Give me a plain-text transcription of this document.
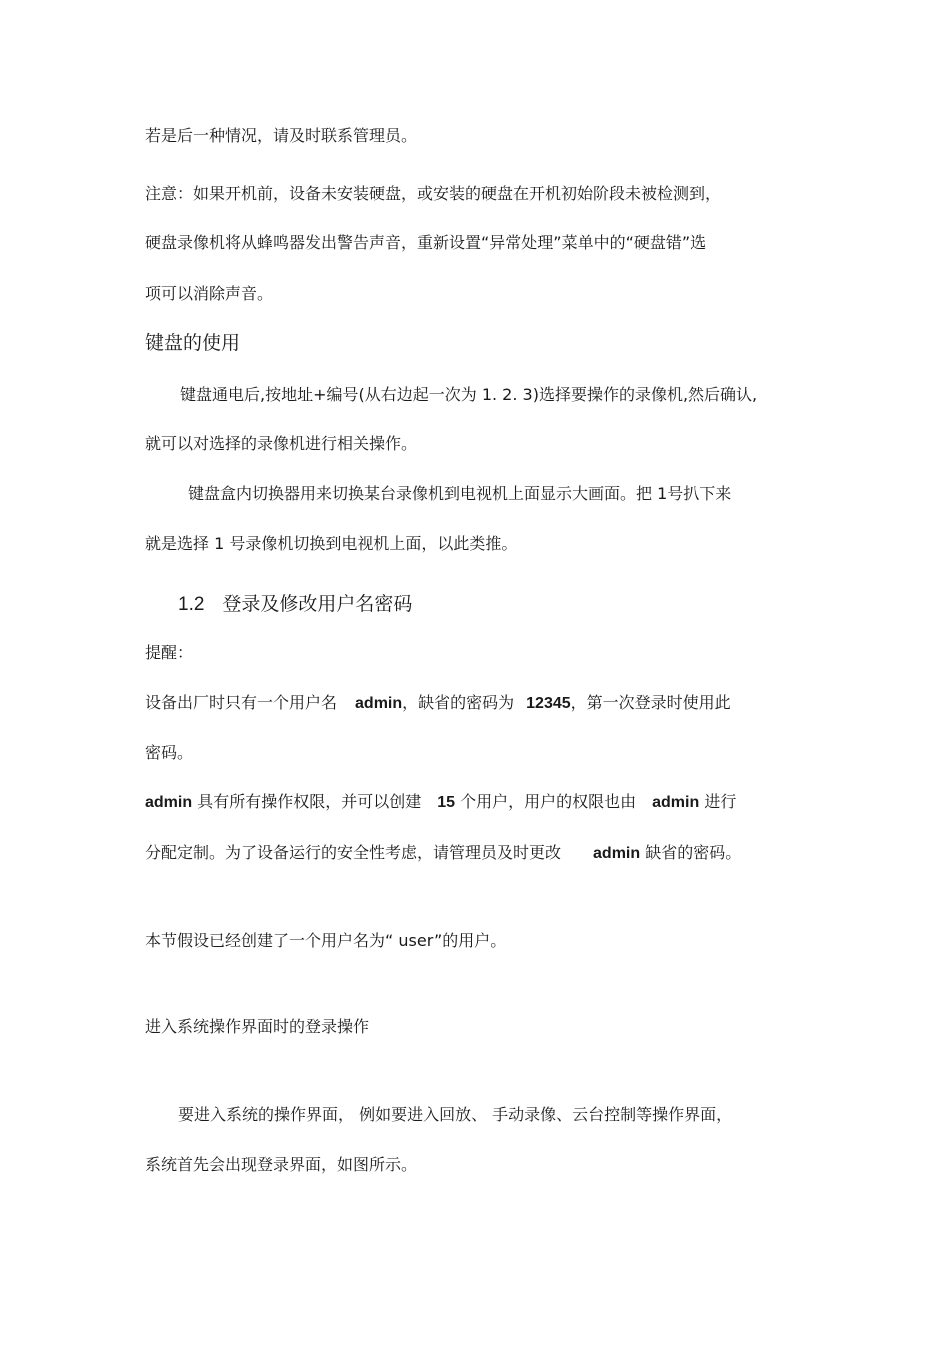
若是后一种情况，请及时联系管理员。
注意：如果开机前，设备未安装硬盘，或安装的硬盘在开机初始阶段未被检测到，
硬盘录像机将从蜂鸣器发出警告声音，重新设置“异常处理”菜单中的“硬盘错”选
项可以消除声音。
键盘的使用
键盘通电后,按地址+编号(从右边起一次为 1. 2. 3)选择要操作的录像机,然后确认,
就可以对选择的录像机进行相关操作。
键盘盒内切换器用来切换某台录像机到电视机上面显示大画面。把 1号扒下来
就是选择 1 号录像机切换到电视机上面，以此类推。
1.2 登录及修改用户名密码
提醒：
设备出厂时只有一个用户名 admin，缺省的密码为 12345，第一次登录时使用此
密码。
admin 具有所有操作权限，并可以创建 15 个用户，用户的权限也由 admin 进行
分配定制。为了设备运行的安全性考虑，请管理员及时更改 admin 缺省的密码。
本节假设已经创建了一个用户名为“ user”的用户。
进入系统操作界面时的登录操作
要进入系统的操作界面， 例如要进入回放、 手动录像、云台控制等操作界面，
系统首先会出现登录界面，如图所示。
